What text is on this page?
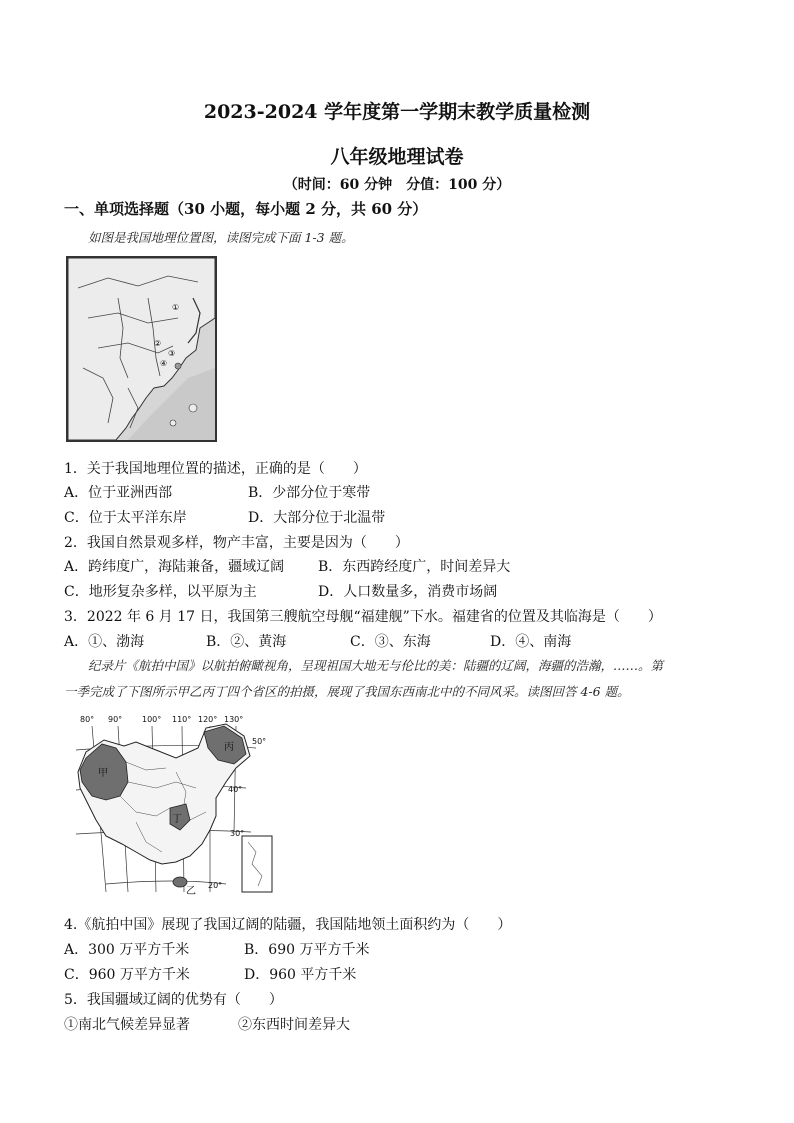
2023-2024 学年度第一学期末教学质量检测
八年级地理试卷
（时间：60 分钟　分值：100 分）
一、单项选择题（30 小题，每小题 2 分，共 60 分）
如图是我国地理位置图，读图完成下面 1-3 题。
①
②
③
④
1．关于我国地理位置的描述，正确的是（　　）
A．位于亚洲西部	B．少部分位于寒带
C．位于太平洋东岸	D．大部分位于北温带
2．我国自然景观多样，物产丰富，主要是因为（　　）
A．跨纬度广，海陆兼备，疆域辽阔 B．东西跨经度广，时间差异大
C．地形复杂多样，以平原为主	D．人口数量多，消费市场阔
3．2022 年 6 月 17 日，我国第三艘航空母舰“福建舰”下水。福建省的位置及其临海是（　　）
A．①、渤海	B．②、黄海	C．③、东海	D．④、南海
纪录片《航拍中国》以航拍俯瞰视角，呈现祖国大地无与伦比的美：陆疆的辽阔，海疆的浩瀚，……。第
一季完成了下图所示甲乙丙丁四个省区的拍摄，展现了我国东西南北中的不同风采。读图回答 4-6 题。
80° 90° 100° 110° 120° 130°
50°
40°
30°
20°
甲
乙
丙
丁
4.《航拍中国》展现了我国辽阔的陆疆，我国陆地领土面积约为（　　）
A．300 万平方千米	B．690 万平方千米
C．960 万平方千米	D．960 平方千米
5．我国疆域辽阔的优势有（　　）
①南北气候差异显著	②东西时间差异大
